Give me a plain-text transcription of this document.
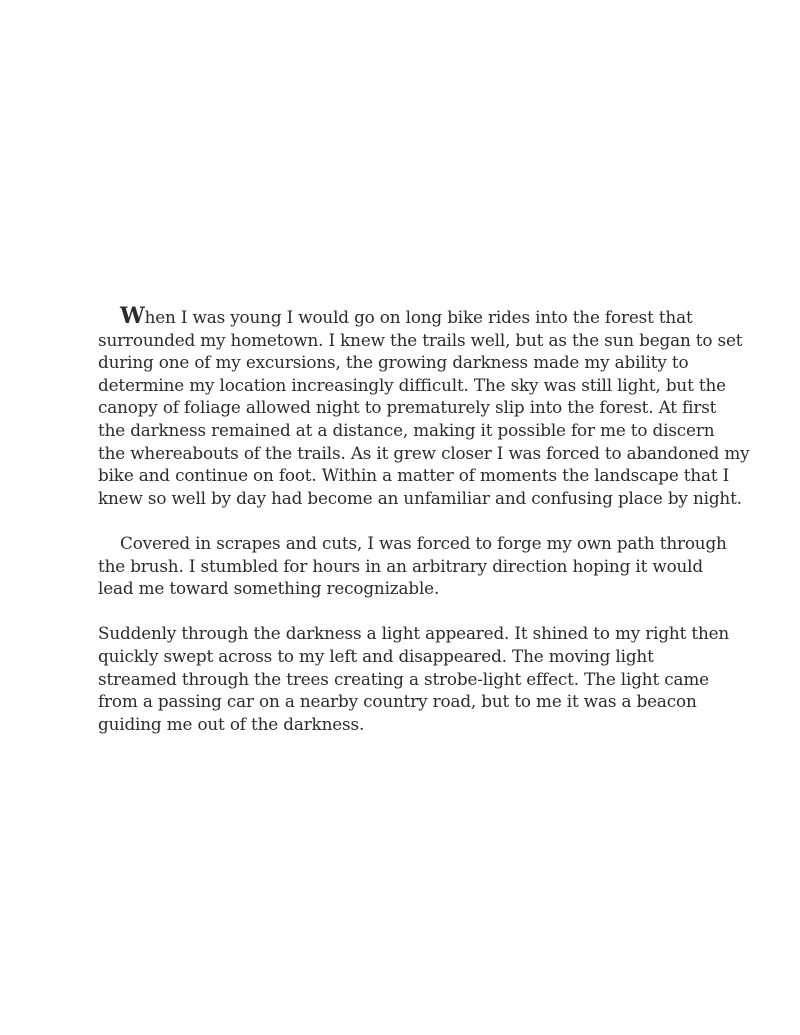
When I was young I would go on long bike rides into the forest that
surrounded my hometown. I knew the trails well, but as the sun began to set
during one of my excursions, the growing darkness made my ability to
determine my location increasingly difficult. The sky was still light, but the
canopy of foliage allowed night to prematurely slip into the forest. At first
the darkness remained at a distance, making it possible for me to discern
the whereabouts of the trails. As it grew closer I was forced to abandoned my
bike and continue on foot. Within a matter of moments the landscape that I
knew so well by day had become an unfamiliar and confusing place by night.
Covered in scrapes and cuts, I was forced to forge my own path through
the brush. I stumbled for hours in an arbitrary direction hoping it would
lead me toward something recognizable.
Suddenly through the darkness a light appeared. It shined to my right then
quickly swept across to my left and disappeared. The moving light
streamed through the trees creating a strobe-light effect. The light came
from a passing car on a nearby country road, but to me it was a beacon
guiding me out of the darkness.
